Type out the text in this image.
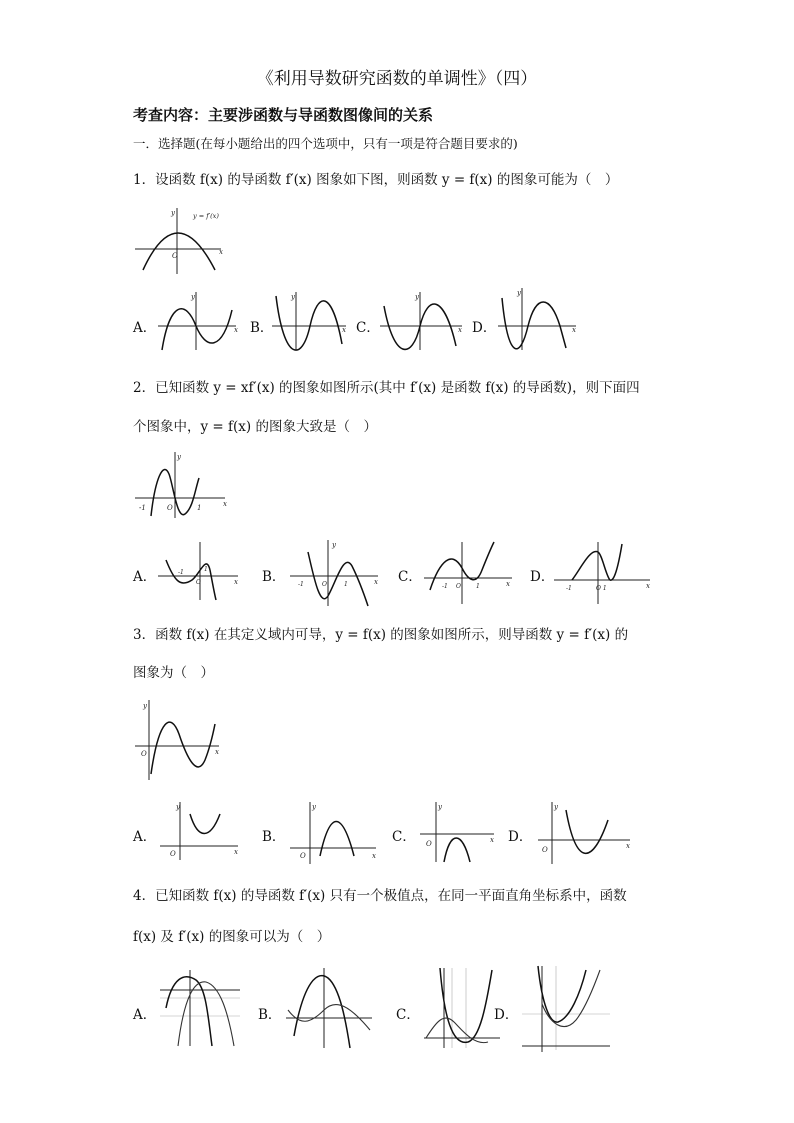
《利用导数研究函数的单调性》（四）
考查内容：主要涉函数与导函数图像间的关系
一．选择题(在每小题给出的四个选项中，只有一项是符合题目要求的)
1．设函数 f(x) 的导函数 f′(x) 图象如下图，则函数 y = f(x) 的图象可能为（　）
y	y = f′(x)
O	x
A．
y
x B．
y
x C．
y
x D．
y
x
2．已知函数 y = xf′(x) 的图象如图所示(其中 f′(x) 是函数 f(x) 的导函数)，则下面四
个图象中，y = f(x) 的图象大致是（　）
y
-1	O	1	x
A．	-1
O
1
x B．
y
-1	O	1	x C．
-1 O	1	x D．
-1	O 1	x
3．函数 f(x) 在其定义域内可导，y = f(x) 的图象如图所示，则导函数 y = f′(x) 的
图象为（　）
y
O	x
A．
y
O	x
B．
y
O	x
C．
y
O	x D．
y
O	x
4．已知函数 f(x) 的导函数 f′(x) 只有一个极值点，在同一平面直角坐标系中，函数
f(x) 及 f′(x) 的图象可以为（　）
A．	B．	C．	D．
